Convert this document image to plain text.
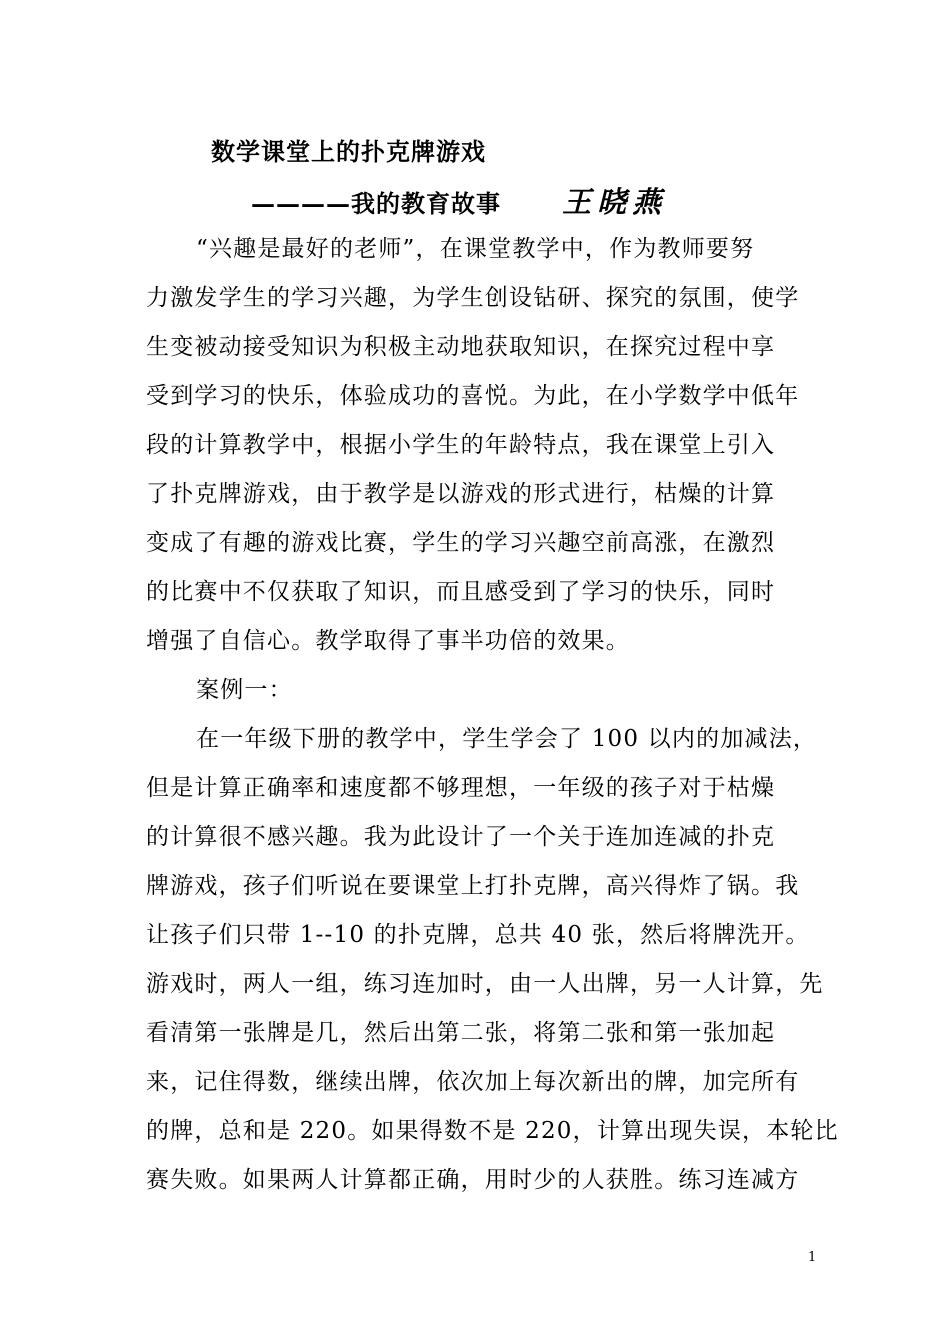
数学课堂上的扑克牌游戏
————我的教育故事 王晓燕

“兴趣是最好的老师”，在课堂教学中，作为教师要努

力激发学生的学习兴趣，为学生创设钻研、探究的氛围，使学

生变被动接受知识为积极主动地获取知识，在探究过程中享

受到学习的快乐，体验成功的喜悦。为此，在小学数学中低年

段的计算教学中，根据小学生的年龄特点，我在课堂上引入

了扑克牌游戏，由于教学是以游戏的形式进行，枯燥的计算

变成了有趣的游戏比赛，学生的学习兴趣空前高涨，在激烈

的比赛中不仅获取了知识，而且感受到了学习的快乐，同时

增强了自信心。教学取得了事半功倍的效果。

案例一：

在一年级下册的教学中，学生学会了 100 以内的加减法，

但是计算正确率和速度都不够理想，一年级的孩子对于枯燥

的计算很不感兴趣。我为此设计了一个关于连加连减的扑克

牌游戏，孩子们听说在要课堂上打扑克牌，高兴得炸了锅。我

让孩子们只带 1--10 的扑克牌，总共 40 张，然后将牌洗开。

游戏时，两人一组，练习连加时，由一人出牌，另一人计算，先

看清第一张牌是几，然后出第二张，将第二张和第一张加起

来，记住得数，继续出牌，依次加上每次新出的牌，加完所有

的牌，总和是 220。如果得数不是 220，计算出现失误，本轮比

赛失败。如果两人计算都正确，用时少的人获胜。练习连减方

1
